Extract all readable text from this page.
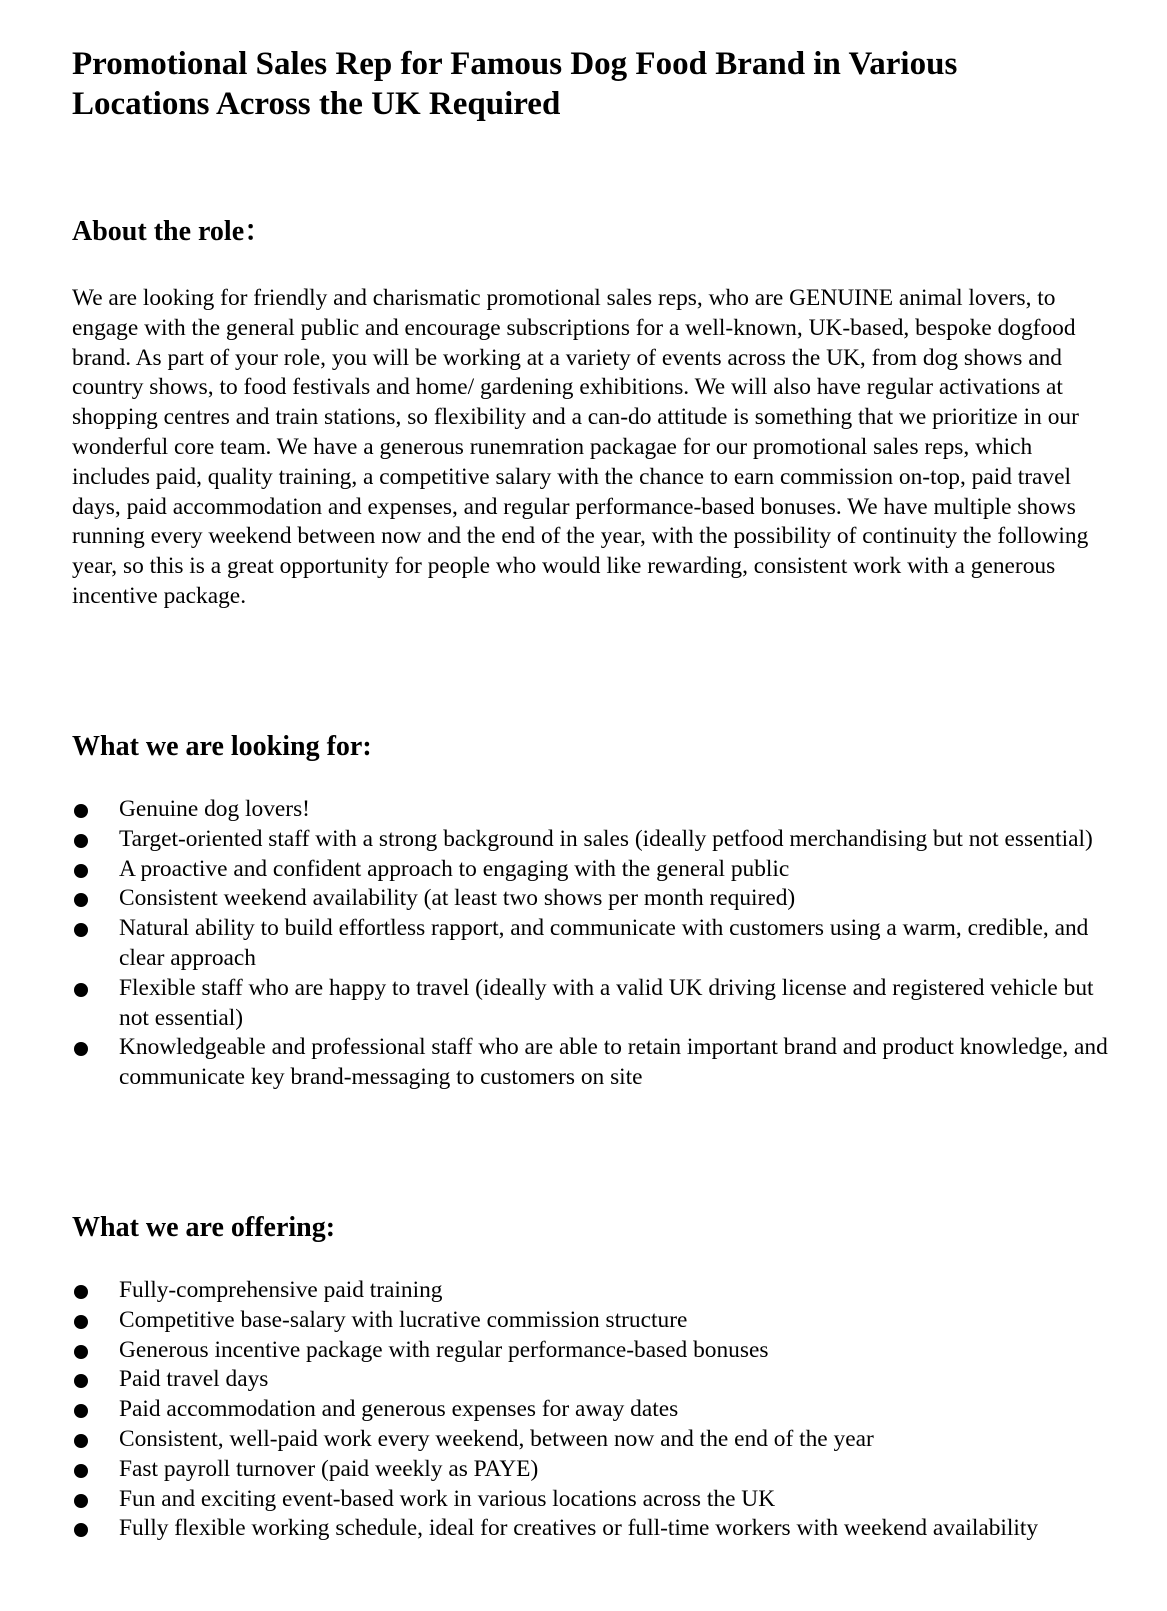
Promotional Sales Rep for Famous Dog Food Brand in Various Locations Across the UK Required
About the role：

We are looking for friendly and charismatic promotional sales reps, who are GENUINE animal lovers, to engage with the general public and encourage subscriptions for a well-known, UK-based, bespoke dogfood brand. As part of your role, you will be working at a variety of events across the UK, from dog shows and country shows, to food festivals and home/ gardening exhibitions. We will also have regular activations at shopping centres and train stations, so flexibility and a can-do attitude is something that we prioritize in our wonderful core team. We have a generous runemration packagae for our promotional sales reps, which includes paid, quality training, a competitive salary with the chance to earn commission on-top, paid travel days, paid accommodation and expenses, and regular performance-based bonuses. We have multiple shows running every weekend between now and the end of the year, with the possibility of continuity the following year, so this is a great opportunity for people who would like rewarding, consistent work with a generous incentive package.

What we are looking for:
Genuine dog lovers!
Target-oriented staff with a strong background in sales (ideally petfood merchandising but not essential)
A proactive and confident approach to engaging with the general public
Consistent weekend availability (at least two shows per month required)
Natural ability to build effortless rapport, and communicate with customers using a warm, credible, and clear approach
Flexible staff who are happy to travel (ideally with a valid UK driving license and registered vehicle but not essential)
Knowledgeable and professional staff who are able to retain important brand and product knowledge, and communicate key brand-messaging to customers on site
What we are offering:
Fully-comprehensive paid training
Competitive base-salary with lucrative commission structure
Generous incentive package with regular performance-based bonuses
Paid travel days
Paid accommodation and generous expenses for away dates
Consistent, well-paid work every weekend, between now and the end of the year
Fast payroll turnover (paid weekly as PAYE)
Fun and exciting event-based work in various locations across the UK
Fully flexible working schedule, ideal for creatives or full-time workers with weekend availability
